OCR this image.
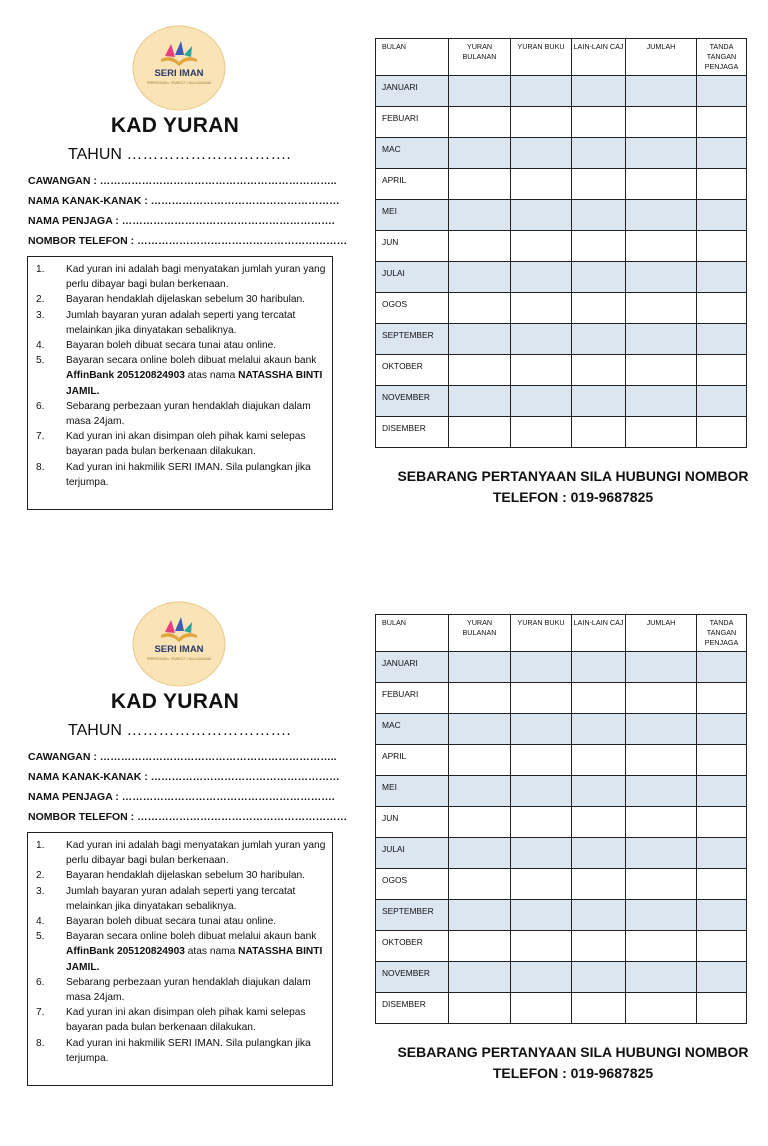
SERI IMAN
PERFEKSION • TEMBOCT • NILAI BAGAMA
KAD YURAN
TAHUN ………………………….
CAWANGAN : …………………………………………………………..
NAMA KANAK-KANAK : ………………………………………………
NAMA PENJAGA : …………………………………………………….
NOMBOR TELEFON : ……………………………………………………
1.	Kad yuran ini adalah bagi menyatakan jumlah yuran yang perlu dibayar bagi bulan berkenaan.
2.	Bayaran hendaklah dijelaskan sebelum 30 haribulan.
3.	Jumlah bayaran yuran adalah seperti yang tercatat melainkan jika dinyatakan sebaliknya.
4.	Bayaran boleh dibuat secara tunai atau online.
5.	Bayaran secara online boleh dibuat melalui akaun bank AffinBank 205120824903 atas nama NATASSHA BINTI JAMIL.
6.	Sebarang perbezaan yuran hendaklah diajukan dalam masa 24jam.
7.	Kad yuran ini akan disimpan oleh pihak kami selepas bayaran pada bulan berkenaan dilakukan.
8.	Kad yuran ini hakmilik SERI IMAN. Sila pulangkan jika terjumpa.
BULAN	YURAN BULANAN	YURAN BUKU	LAIN-LAIN CAJ	JUMLAH	TANDA TANGAN PENJAGA
JANUARI					
FEBUARI					
MAC					
APRIL					
MEI					
JUN					
JULAI					
OGOS					
SEPTEMBER					
OKTOBER					
NOVEMBER					
DISEMBER					
SEBARANG PERTANYAAN SILA HUBUNGI NOMBOR
TELEFON : 019-9687825
SERI IMAN
PERFEKSION • TEMBOCT • NILAI BAGAMA
KAD YURAN
TAHUN ………………………….
CAWANGAN : …………………………………………………………..
NAMA KANAK-KANAK : ………………………………………………
NAMA PENJAGA : …………………………………………………….
NOMBOR TELEFON : ……………………………………………………
1.	Kad yuran ini adalah bagi menyatakan jumlah yuran yang perlu dibayar bagi bulan berkenaan.
2.	Bayaran hendaklah dijelaskan sebelum 30 haribulan.
3.	Jumlah bayaran yuran adalah seperti yang tercatat melainkan jika dinyatakan sebaliknya.
4.	Bayaran boleh dibuat secara tunai atau online.
5.	Bayaran secara online boleh dibuat melalui akaun bank AffinBank 205120824903 atas nama NATASSHA BINTI JAMIL.
6.	Sebarang perbezaan yuran hendaklah diajukan dalam masa 24jam.
7.	Kad yuran ini akan disimpan oleh pihak kami selepas bayaran pada bulan berkenaan dilakukan.
8.	Kad yuran ini hakmilik SERI IMAN. Sila pulangkan jika terjumpa.
BULAN	YURAN BULANAN	YURAN BUKU	LAIN-LAIN CAJ	JUMLAH	TANDA TANGAN PENJAGA
JANUARI					
FEBUARI					
MAC					
APRIL					
MEI					
JUN					
JULAI					
OGOS					
SEPTEMBER					
OKTOBER					
NOVEMBER					
DISEMBER					
SEBARANG PERTANYAAN SILA HUBUNGI NOMBOR
TELEFON : 019-9687825
